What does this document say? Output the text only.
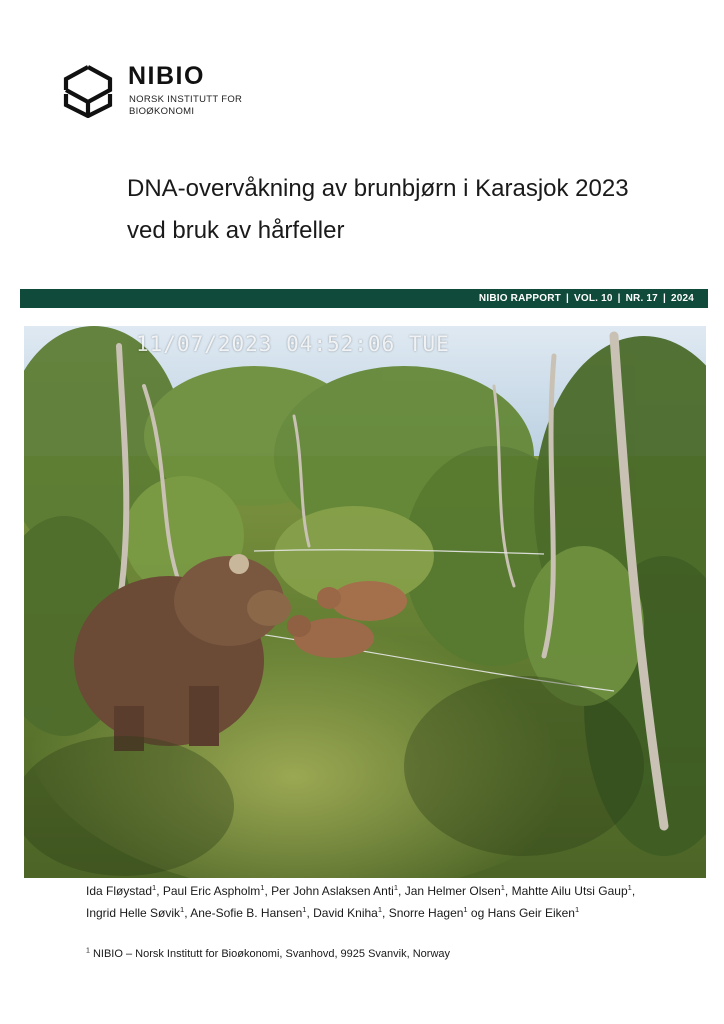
NIBIO
NORSK INSTITUTT FOR
BIOØKONOMI
DNA-overvåkning av brunbjørn i Karasjok 2023
ved bruk av hårfeller
NIBIO RAPPORT | VOL. 10 | NR. 17 | 2024
11/07/2023 04:52:06 TUE
Ida Fløystad$^1$, Paul Eric Aspholm$^1$, Per John Aslaksen Anti$^1$, Jan Helmer Olsen$^1$, Mahtte Ailu Utsi Gaup$^1$, Ingrid Helle Søvik$^1$, Ane-Sofie B. Hansen$^1$, David Kniha$^1$, Snorre Hagen$^1$ og Hans Geir Eiken$^1$
$^1$ NIBIO – Norsk Institutt for Bioøkonomi, Svanhovd, 9925 Svanvik, Norway
